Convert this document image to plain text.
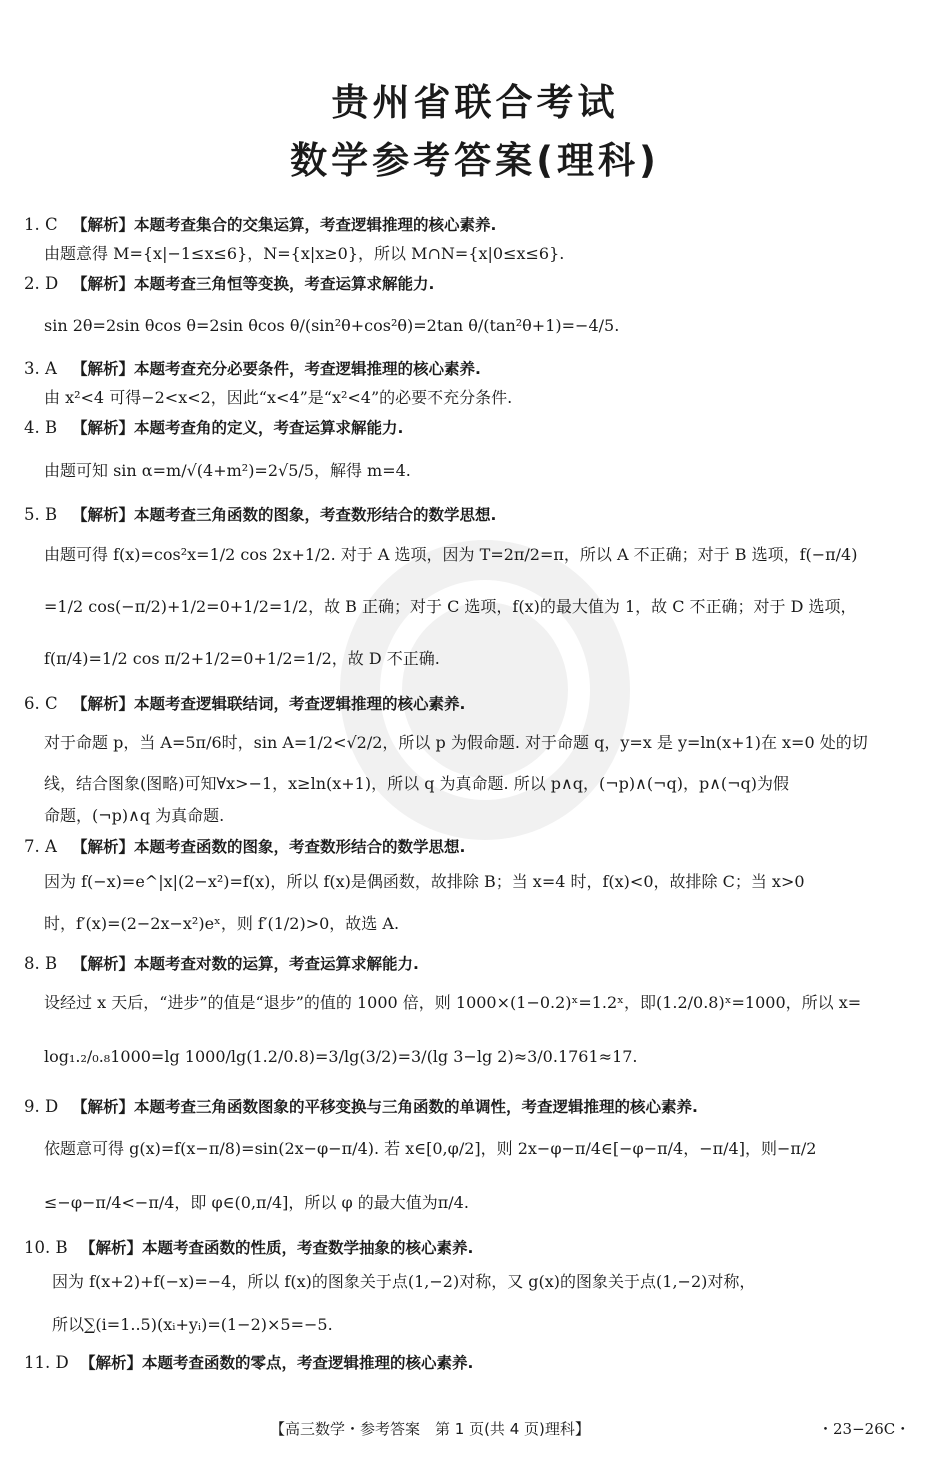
贵州省联合考试
数学参考答案(理科)
1. C 【解析】本题考查集合的交集运算，考查逻辑推理的核心素养.
由题意得 M={x|−1≤x≤6}，N={x|x≥0}，所以 M∩N={x|0≤x≤6}.
2. D 【解析】本题考查三角恒等变换，考查运算求解能力.
sin 2θ=2sin θcos θ=2sin θcos θ/(sin²θ+cos²θ)=2tan θ/(tan²θ+1)=−4/5.
3. A 【解析】本题考查充分必要条件，考查逻辑推理的核心素养.
由 x²<4 可得−2<x<2，因此“x<4”是“x²<4”的必要不充分条件.
4. B 【解析】本题考查角的定义，考查运算求解能力.
由题可知 sin α=m/√(4+m²)=2√5/5，解得 m=4.
5. B 【解析】本题考查三角函数的图象，考查数形结合的数学思想.
由题可得 f(x)=cos²x=1/2 cos 2x+1/2. 对于 A 选项，因为 T=2π/2=π，所以 A 不正确；对于 B 选项，f(−π/4)
=1/2 cos(−π/2)+1/2=0+1/2=1/2，故 B 正确；对于 C 选项，f(x)的最大值为 1，故 C 不正确；对于 D 选项，
f(π/4)=1/2 cos π/2+1/2=0+1/2=1/2，故 D 不正确.
6. C 【解析】本题考查逻辑联结词，考查逻辑推理的核心素养.
对于命题 p，当 A=5π/6时，sin A=1/2<√2/2，所以 p 为假命题. 对于命题 q，y=x 是 y=ln(x+1)在 x=0 处的切
线，结合图象(图略)可知∀x>−1，x≥ln(x+1)，所以 q 为真命题. 所以 p∧q，(¬p)∧(¬q)，p∧(¬q)为假
命题，(¬p)∧q 为真命题.
7. A 【解析】本题考查函数的图象，考查数形结合的数学思想.
因为 f(−x)=e^|x|(2−x²)=f(x)，所以 f(x)是偶函数，故排除 B；当 x=4 时，f(x)<0，故排除 C；当 x>0
时，f′(x)=(2−2x−x²)eˣ，则 f′(1/2)>0，故选 A.
8. B 【解析】本题考查对数的运算，考查运算求解能力.
设经过 x 天后，“进步”的值是“退步”的值的 1000 倍，则 1000×(1−0.2)ˣ=1.2ˣ，即(1.2/0.8)ˣ=1000，所以 x=
log₁.₂/₀.₈1000=lg 1000/lg(1.2/0.8)=3/lg(3/2)=3/(lg 3−lg 2)≈3/0.1761≈17.
9. D 【解析】本题考查三角函数图象的平移变换与三角函数的单调性，考查逻辑推理的核心素养.
依题意可得 g(x)=f(x−π/8)=sin(2x−φ−π/4). 若 x∈[0,φ/2]，则 2x−φ−π/4∈[−φ−π/4，−π/4]，则−π/2
≤−φ−π/4<−π/4，即 φ∈(0,π/4]，所以 φ 的最大值为π/4.
10. B 【解析】本题考查函数的性质，考查数学抽象的核心素养.
因为 f(x+2)+f(−x)=−4，所以 f(x)的图象关于点(1,−2)对称，又 g(x)的图象关于点(1,−2)对称，
所以∑(i=1..5)(xᵢ+yᵢ)=(1−2)×5=−5.
11. D 【解析】本题考查函数的零点，考查逻辑推理的核心素养.
【高三数学・参考答案　第 1 页(共 4 页)理科】	・23−26C・
